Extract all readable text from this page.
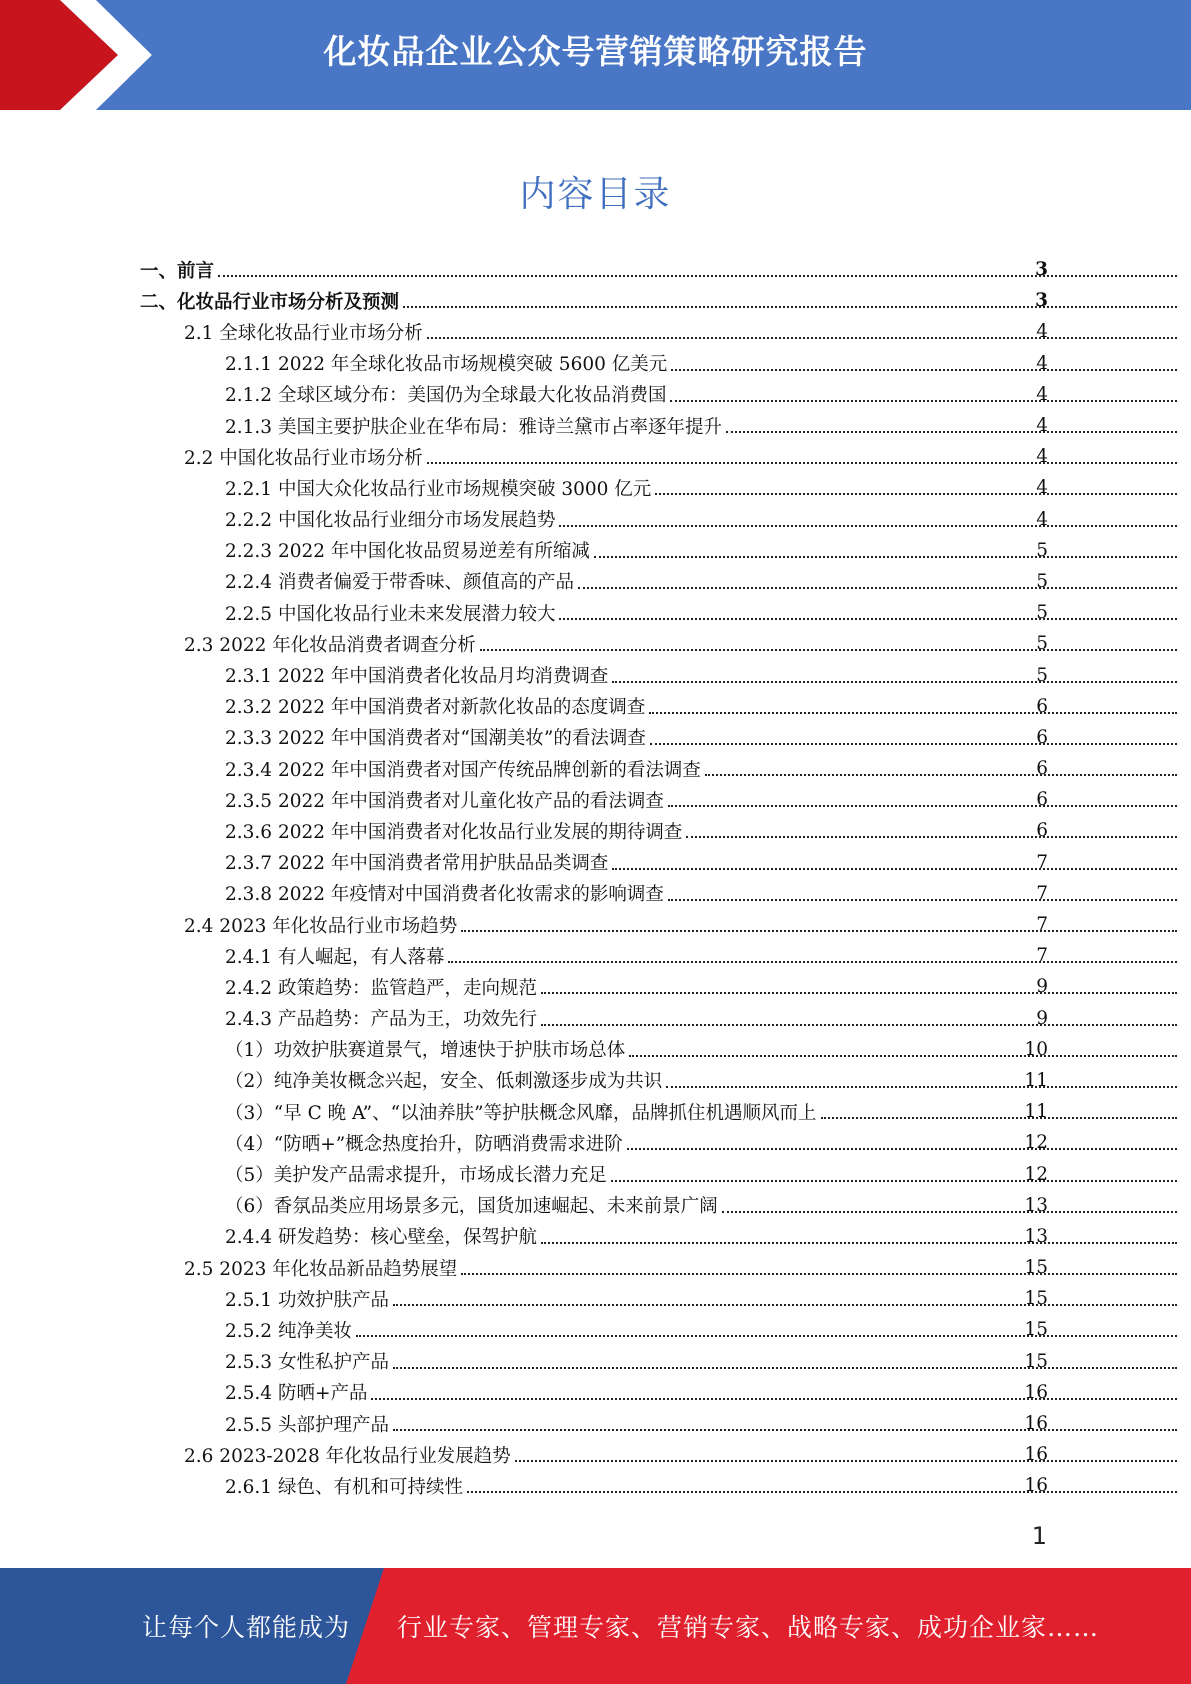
化妆品企业公众号营销策略研究报告
内容目录
一、前言	3
二、化妆品行业市场分析及预测	3
2.1 全球化妆品行业市场分析	4
2.1.1 2022 年全球化妆品市场规模突破 5600 亿美元	4
2.1.2 全球区域分布：美国仍为全球最大化妆品消费国	4
2.1.3 美国主要护肤企业在华布局：雅诗兰黛市占率逐年提升	4
2.2 中国化妆品行业市场分析	4
2.2.1 中国大众化妆品行业市场规模突破 3000 亿元	4
2.2.2 中国化妆品行业细分市场发展趋势	4
2.2.3 2022 年中国化妆品贸易逆差有所缩减	5
2.2.4 消费者偏爱于带香味、颜值高的产品	5
2.2.5 中国化妆品行业未来发展潜力较大	5
2.3 2022 年化妆品消费者调查分析	5
2.3.1 2022 年中国消费者化妆品月均消费调查	5
2.3.2 2022 年中国消费者对新款化妆品的态度调查	6
2.3.3 2022 年中国消费者对“国潮美妆”的看法调查	6
2.3.4 2022 年中国消费者对国产传统品牌创新的看法调查	6
2.3.5 2022 年中国消费者对儿童化妆产品的看法调查	6
2.3.6 2022 年中国消费者对化妆品行业发展的期待调查	6
2.3.7 2022 年中国消费者常用护肤品品类调查	7
2.3.8 2022 年疫情对中国消费者化妆需求的影响调查	7
2.4 2023 年化妆品行业市场趋势	7
2.4.1 有人崛起，有人落幕	7
2.4.2 政策趋势：监管趋严，走向规范	9
2.4.3 产品趋势：产品为王，功效先行	9
（1）功效护肤赛道景气，增速快于护肤市场总体	10
（2）纯净美妆概念兴起，安全、低刺激逐步成为共识	11
（3）“早 C 晚 A”、“以油养肤”等护肤概念风靡，品牌抓住机遇顺风而上	11
（4）“防晒+”概念热度抬升，防晒消费需求进阶	12
（5）美护发产品需求提升，市场成长潜力充足	12
（6）香氛品类应用场景多元，国货加速崛起、未来前景广阔	13
2.4.4 研发趋势：核心壁垒，保驾护航	13
2.5 2023 年化妆品新品趋势展望	15
2.5.1 功效护肤产品	15
2.5.2 纯净美妆	15
2.5.3 女性私护产品	15
2.5.4 防晒+产品	16
2.5.5 头部护理产品	16
2.6 2023-2028 年化妆品行业发展趋势	16
2.6.1 绿色、有机和可持续性	16
1
让每个人都能成为 行业专家、管理专家、营销专家、战略专家、成功企业家……
